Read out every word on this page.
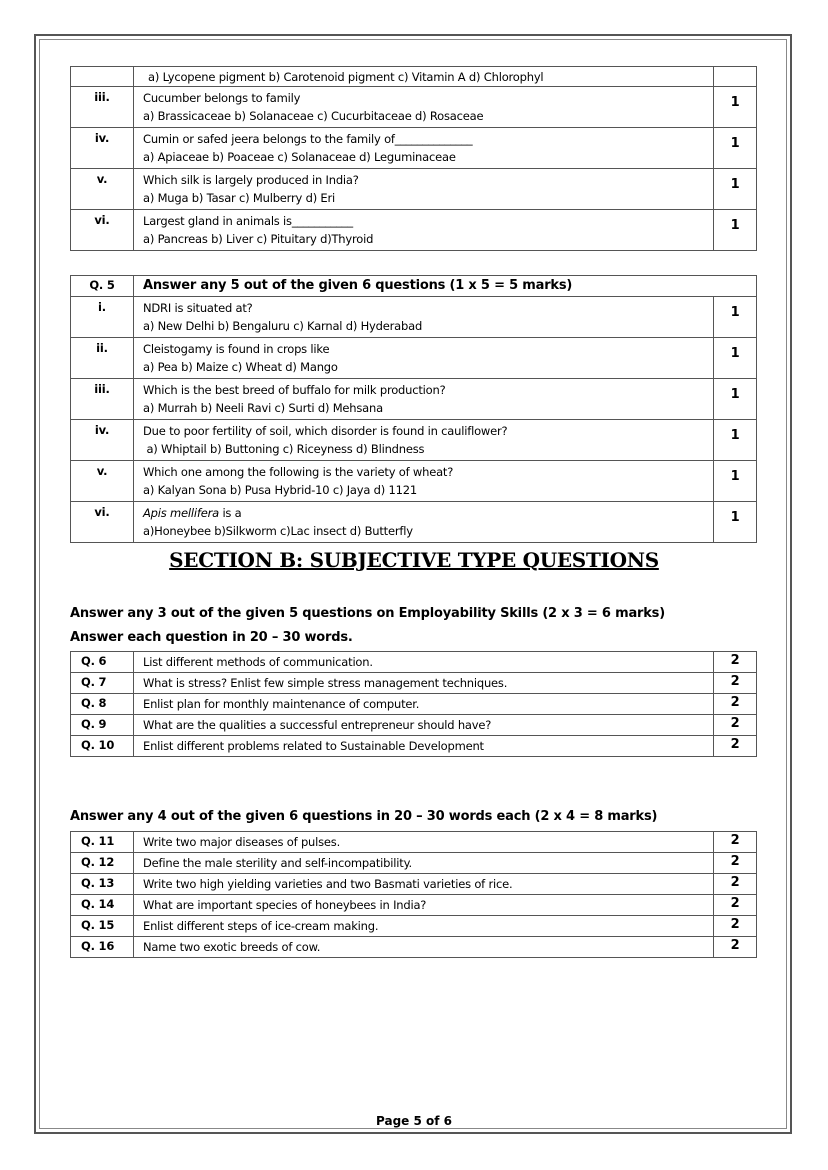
	a) Lycopene pigment b) Carotenoid pigment c) Vitamin A d) Chlorophyl	

iii.	Cucumber belongs to family
a) Brassicaceae b) Solanaceae c) Cucurbitaceae d) Rosaceae	1
iv.	Cumin or safed jeera belongs to the family of______________
a) Apiaceae b) Poaceae c) Solanaceae d) Leguminaceae	1
v.	Which silk is largely produced in India?
a) Muga b) Tasar c) Mulberry d) Eri	1
vi.	Largest gland in animals is___________
a) Pancreas b) Liver c) Pituitary d)Thyroid	1
Q. 5	Answer any 5 out of the given 6 questions (1 x 5 = 5 marks)	
i.	NDRI is situated at?
a) New Delhi b) Bengaluru c) Karnal d) Hyderabad	1
ii.	Cleistogamy is found in crops like
a) Pea b) Maize c) Wheat d) Mango	1
iii.	Which is the best breed of buffalo for milk production?
a) Murrah b) Neeli Ravi c) Surti d) Mehsana	1
iv.	Due to poor fertility of soil, which disorder is found in cauliflower?
a) Whiptail b) Buttoning c) Riceyness d) Blindness	1
v.	Which one among the following is the variety of wheat?
a) Kalyan Sona b) Pusa Hybrid-10 c) Jaya d) 1121	1
vi.	Apis mellifera is a
a)Honeybee b)Silkworm c)Lac insect d) Butterfly	1
SECTION B: SUBJECTIVE TYPE QUESTIONS
Answer any 3 out of the given 5 questions on Employability Skills (2 x 3 = 6 marks)
Answer each question in 20 – 30 words.
Q. 6	List different methods of communication.	2
Q. 7	What is stress? Enlist few simple stress management techniques.	2
Q. 8	Enlist plan for monthly maintenance of computer.	2
Q. 9	What are the qualities a successful entrepreneur should have?	2
Q. 10	Enlist different problems related to Sustainable Development	2
Answer any 4 out of the given 6 questions in 20 – 30 words each (2 x 4 = 8 marks)
Q. 11	Write two major diseases of pulses.	2
Q. 12	Define the male sterility and self-incompatibility.	2
Q. 13	Write two high yielding varieties and two Basmati varieties of rice.	2
Q. 14	What are important species of honeybees in India?	2
Q. 15	Enlist different steps of ice-cream making.	2
Q. 16	Name two exotic breeds of cow.	2
Page 5 of 6
